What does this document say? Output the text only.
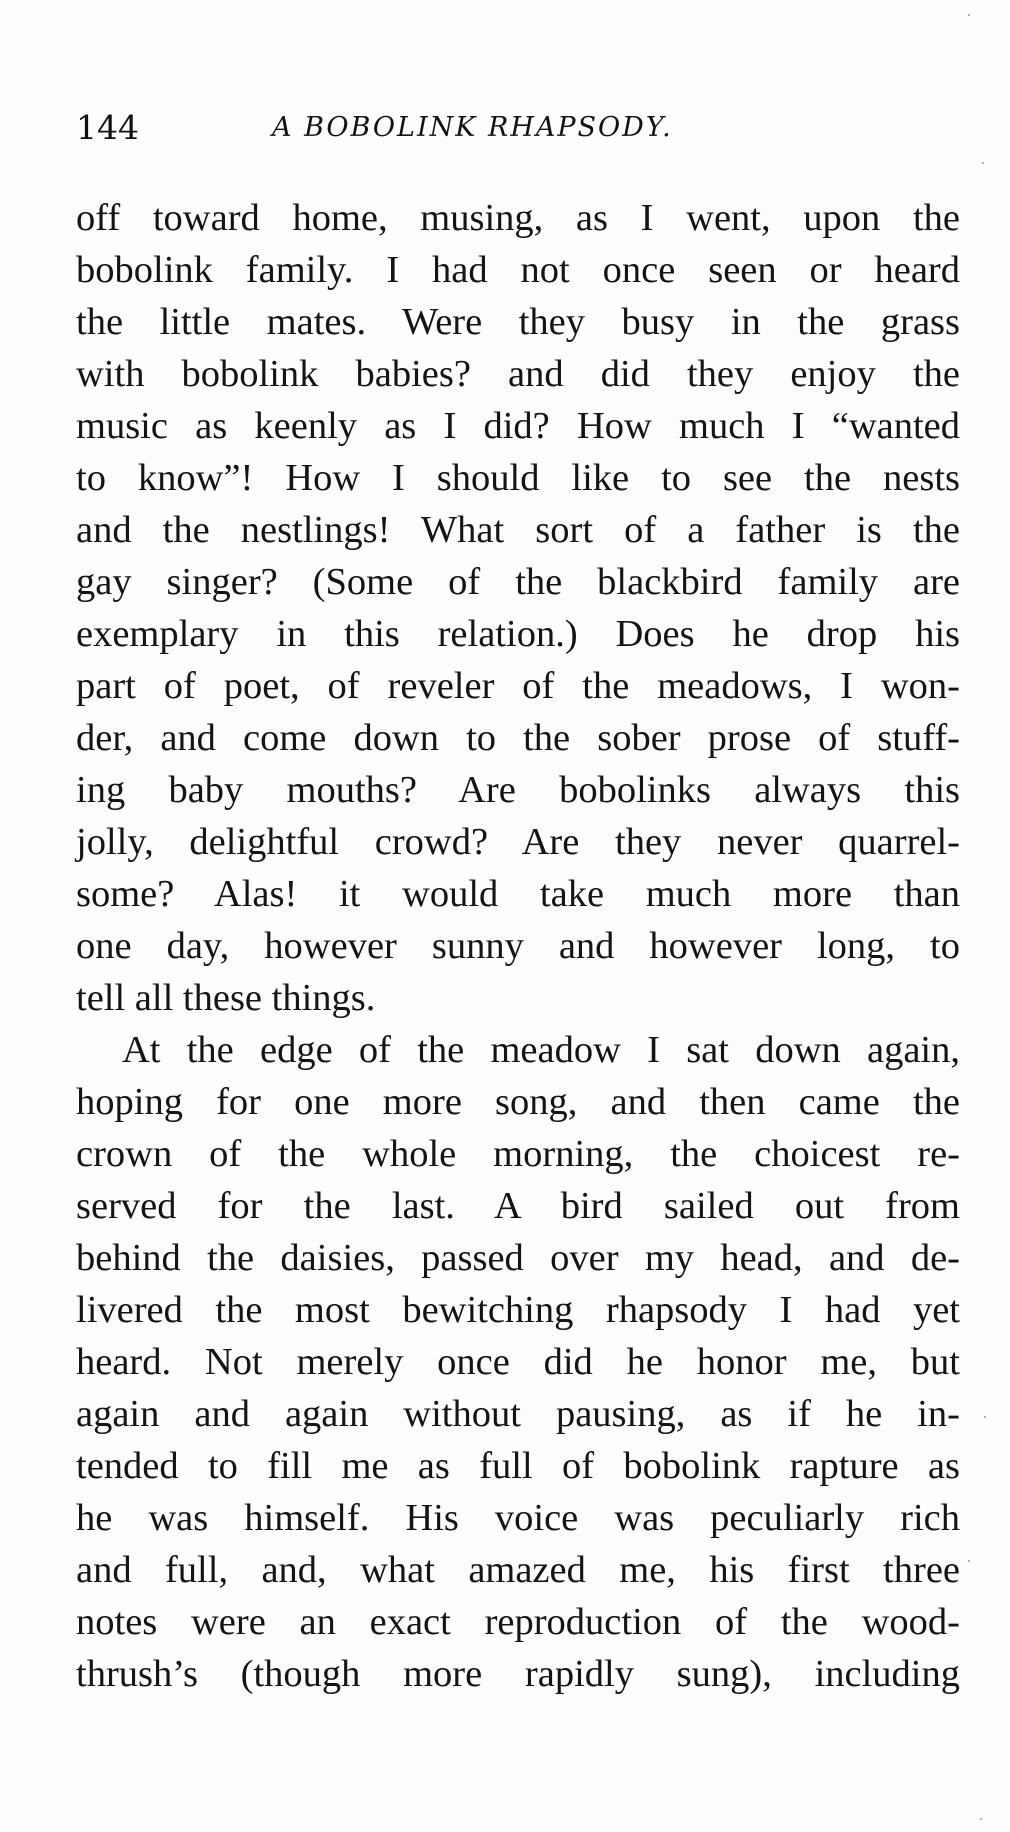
144	A BOBOLINK RHAPSODY.
off toward home, musing, as I went, upon the
bobolink family. I had not once seen or heard
the little mates. Were they busy in the grass
with bobolink babies? and did they enjoy the
music as keenly as I did? How much I “wanted
to know”! How I should like to see the nests
and the nestlings! What sort of a father is the
gay singer? (Some of the blackbird family are
exemplary in this relation.) Does he drop his
part of poet, of reveler of the meadows, I won-
der, and come down to the sober prose of stuff-
ing baby mouths? Are bobolinks always this
jolly, delightful crowd? Are they never quarrel-
some? Alas! it would take much more than
one day, however sunny and however long, to
tell all these things.
At the edge of the meadow I sat down again,
hoping for one more song, and then came the
crown of the whole morning, the choicest re-
served for the last. A bird sailed out from
behind the daisies, passed over my head, and de-
livered the most bewitching rhapsody I had yet
heard. Not merely once did he honor me, but
again and again without pausing, as if he in-
tended to fill me as full of bobolink rapture as
he was himself. His voice was peculiarly rich
and full, and, what amazed me, his first three
notes were an exact reproduction of the wood-
thrush’s (though more rapidly sung), including
